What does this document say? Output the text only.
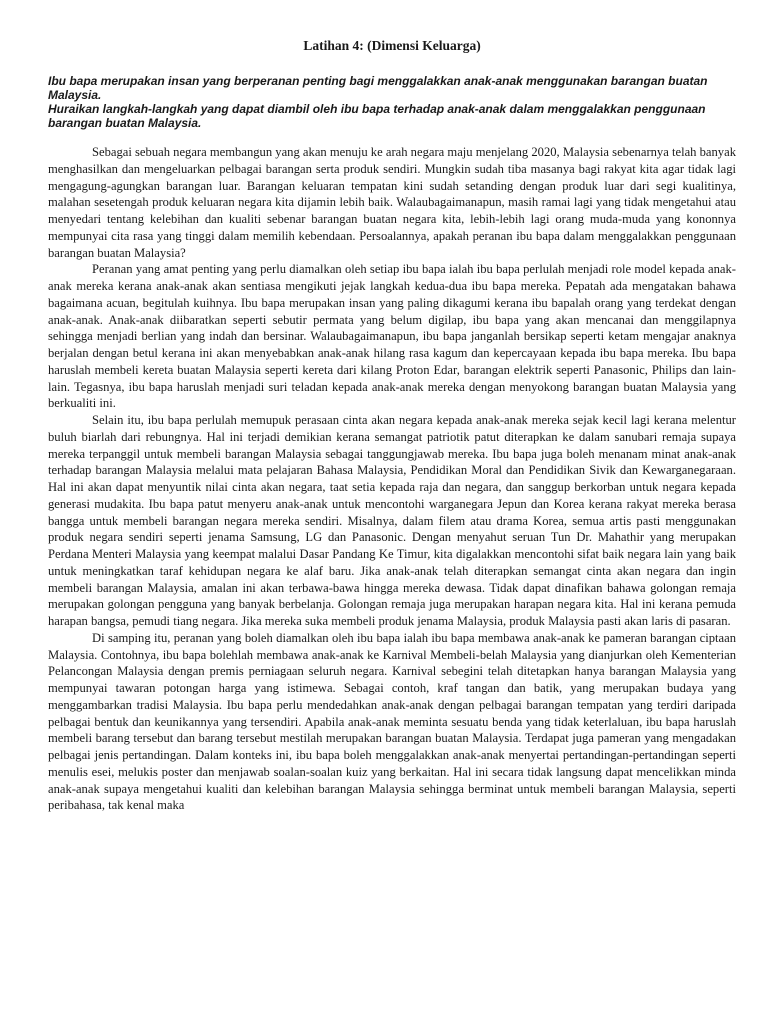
Latihan 4: (Dimensi Keluarga)

Ibu bapa merupakan insan yang berperanan penting bagi menggalakkan anak-anak menggunakan barangan buatan Malaysia.

Huraikan langkah-langkah yang dapat diambil oleh ibu bapa terhadap anak-anak dalam menggalakkan penggunaan barangan buatan Malaysia.

Sebagai sebuah negara membangun yang akan menuju ke arah negara maju menjelang 2020, Malaysia sebenarnya telah banyak menghasilkan dan mengeluarkan pelbagai barangan serta produk sendiri. Mungkin sudah tiba masanya bagi rakyat kita agar tidak lagi mengagung-agungkan barangan luar. Barangan keluaran tempatan kini sudah setanding dengan produk luar dari segi kualitinya, malahan sesetengah produk keluaran negara kita dijamin lebih baik. Walaubagaimanapun, masih ramai lagi yang tidak mengetahui atau menyedari tentang kelebihan dan kualiti sebenar barangan buatan negara kita, lebih-lebih lagi orang muda-muda yang kononnya mempunyai cita rasa yang tinggi dalam memilih kebendaan. Persoalannya, apakah peranan ibu bapa dalam menggalakkan penggunaan barangan buatan Malaysia?

Peranan yang amat penting yang perlu diamalkan oleh setiap ibu bapa ialah ibu bapa perlulah menjadi role model kepada anak-anak mereka kerana anak-anak akan sentiasa mengikuti jejak langkah kedua-dua ibu bapa mereka. Pepatah ada mengatakan bahawa bagaimana acuan, begitulah kuihnya. Ibu bapa merupakan insan yang paling dikagumi kerana ibu bapalah orang yang terdekat dengan anak-anak. Anak-anak diibaratkan seperti sebutir permata yang belum digilap, ibu bapa yang akan mencanai dan menggilapnya sehingga menjadi berlian yang indah dan bersinar. Walaubagaimanapun, ibu bapa janganlah bersikap seperti ketam mengajar anaknya berjalan dengan betul kerana ini akan menyebabkan anak-anak hilang rasa kagum dan kepercayaan kepada ibu bapa mereka. Ibu bapa haruslah membeli kereta buatan Malaysia seperti kereta dari kilang Proton Edar, barangan elektrik seperti Panasonic, Philips dan lain-lain. Tegasnya, ibu bapa haruslah menjadi suri teladan kepada anak-anak mereka dengan menyokong barangan buatan Malaysia yang berkualiti ini.

Selain itu, ibu bapa perlulah memupuk perasaan cinta akan negara kepada anak-anak mereka sejak kecil lagi kerana melentur buluh biarlah dari rebungnya. Hal ini terjadi demikian kerana semangat patriotik patut diterapkan ke dalam sanubari remaja supaya mereka terpanggil untuk membeli barangan Malaysia sebagai tanggungjawab mereka. Ibu bapa juga boleh menanam minat anak-anak terhadap barangan Malaysia melalui mata pelajaran Bahasa Malaysia, Pendidikan Moral dan Pendidikan Sivik dan Kewarganegaraan. Hal ini akan dapat menyuntik nilai cinta akan negara, taat setia kepada raja dan negara, dan sanggup berkorban untuk negara kepada generasi mudakita. Ibu bapa patut menyeru anak-anak untuk mencontohi warganegara Jepun dan Korea kerana rakyat mereka berasa bangga untuk membeli barangan negara mereka sendiri. Misalnya, dalam filem atau drama Korea, semua artis pasti menggunakan produk negara sendiri seperti jenama Samsung, LG dan Panasonic. Dengan menyahut seruan Tun Dr. Mahathir yang merupakan Perdana Menteri Malaysia yang keempat malalui Dasar Pandang Ke Timur, kita digalakkan mencontohi sifat baik negara lain yang baik untuk meningkatkan taraf kehidupan negara ke alaf baru. Jika anak-anak telah diterapkan semangat cinta akan negara dan ingin membeli barangan Malaysia, amalan ini akan terbawa-bawa hingga mereka dewasa. Tidak dapat dinafikan bahawa golongan remaja merupakan golongan pengguna yang banyak berbelanja. Golongan remaja juga merupakan harapan negara kita. Hal ini kerana pemuda harapan bangsa, pemudi tiang negara. Jika mereka suka membeli produk jenama Malaysia, produk Malaysia pasti akan laris di pasaran.

Di samping itu, peranan yang boleh diamalkan oleh ibu bapa ialah ibu bapa membawa anak-anak ke pameran barangan ciptaan Malaysia. Contohnya, ibu bapa bolehlah membawa anak-anak ke Karnival Membeli-belah Malaysia yang dianjurkan oleh Kementerian Pelancongan Malaysia dengan premis perniagaan seluruh negara. Karnival sebegini telah ditetapkan hanya barangan Malaysia yang mempunyai tawaran potongan harga yang istimewa. Sebagai contoh, kraf tangan dan batik, yang merupakan budaya yang menggambarkan tradisi Malaysia. Ibu bapa perlu mendedahkan anak-anak dengan pelbagai barangan tempatan yang terdiri daripada pelbagai bentuk dan keunikannya yang tersendiri. Apabila anak-anak meminta sesuatu benda yang tidak keterlaluan, ibu bapa haruslah membeli barang tersebut dan barang tersebut mestilah merupakan barangan buatan Malaysia. Terdapat juga pameran yang mengadakan pelbagai jenis pertandingan. Dalam konteks ini, ibu bapa boleh menggalakkan anak-anak menyertai pertandingan-pertandingan seperti menulis esei, melukis poster dan menjawab soalan-soalan kuiz yang berkaitan. Hal ini secara tidak langsung dapat mencelikkan minda anak-anak supaya mengetahui kualiti dan kelebihan barangan Malaysia sehingga berminat untuk membeli barangan Malaysia, seperti peribahasa, tak kenal maka
